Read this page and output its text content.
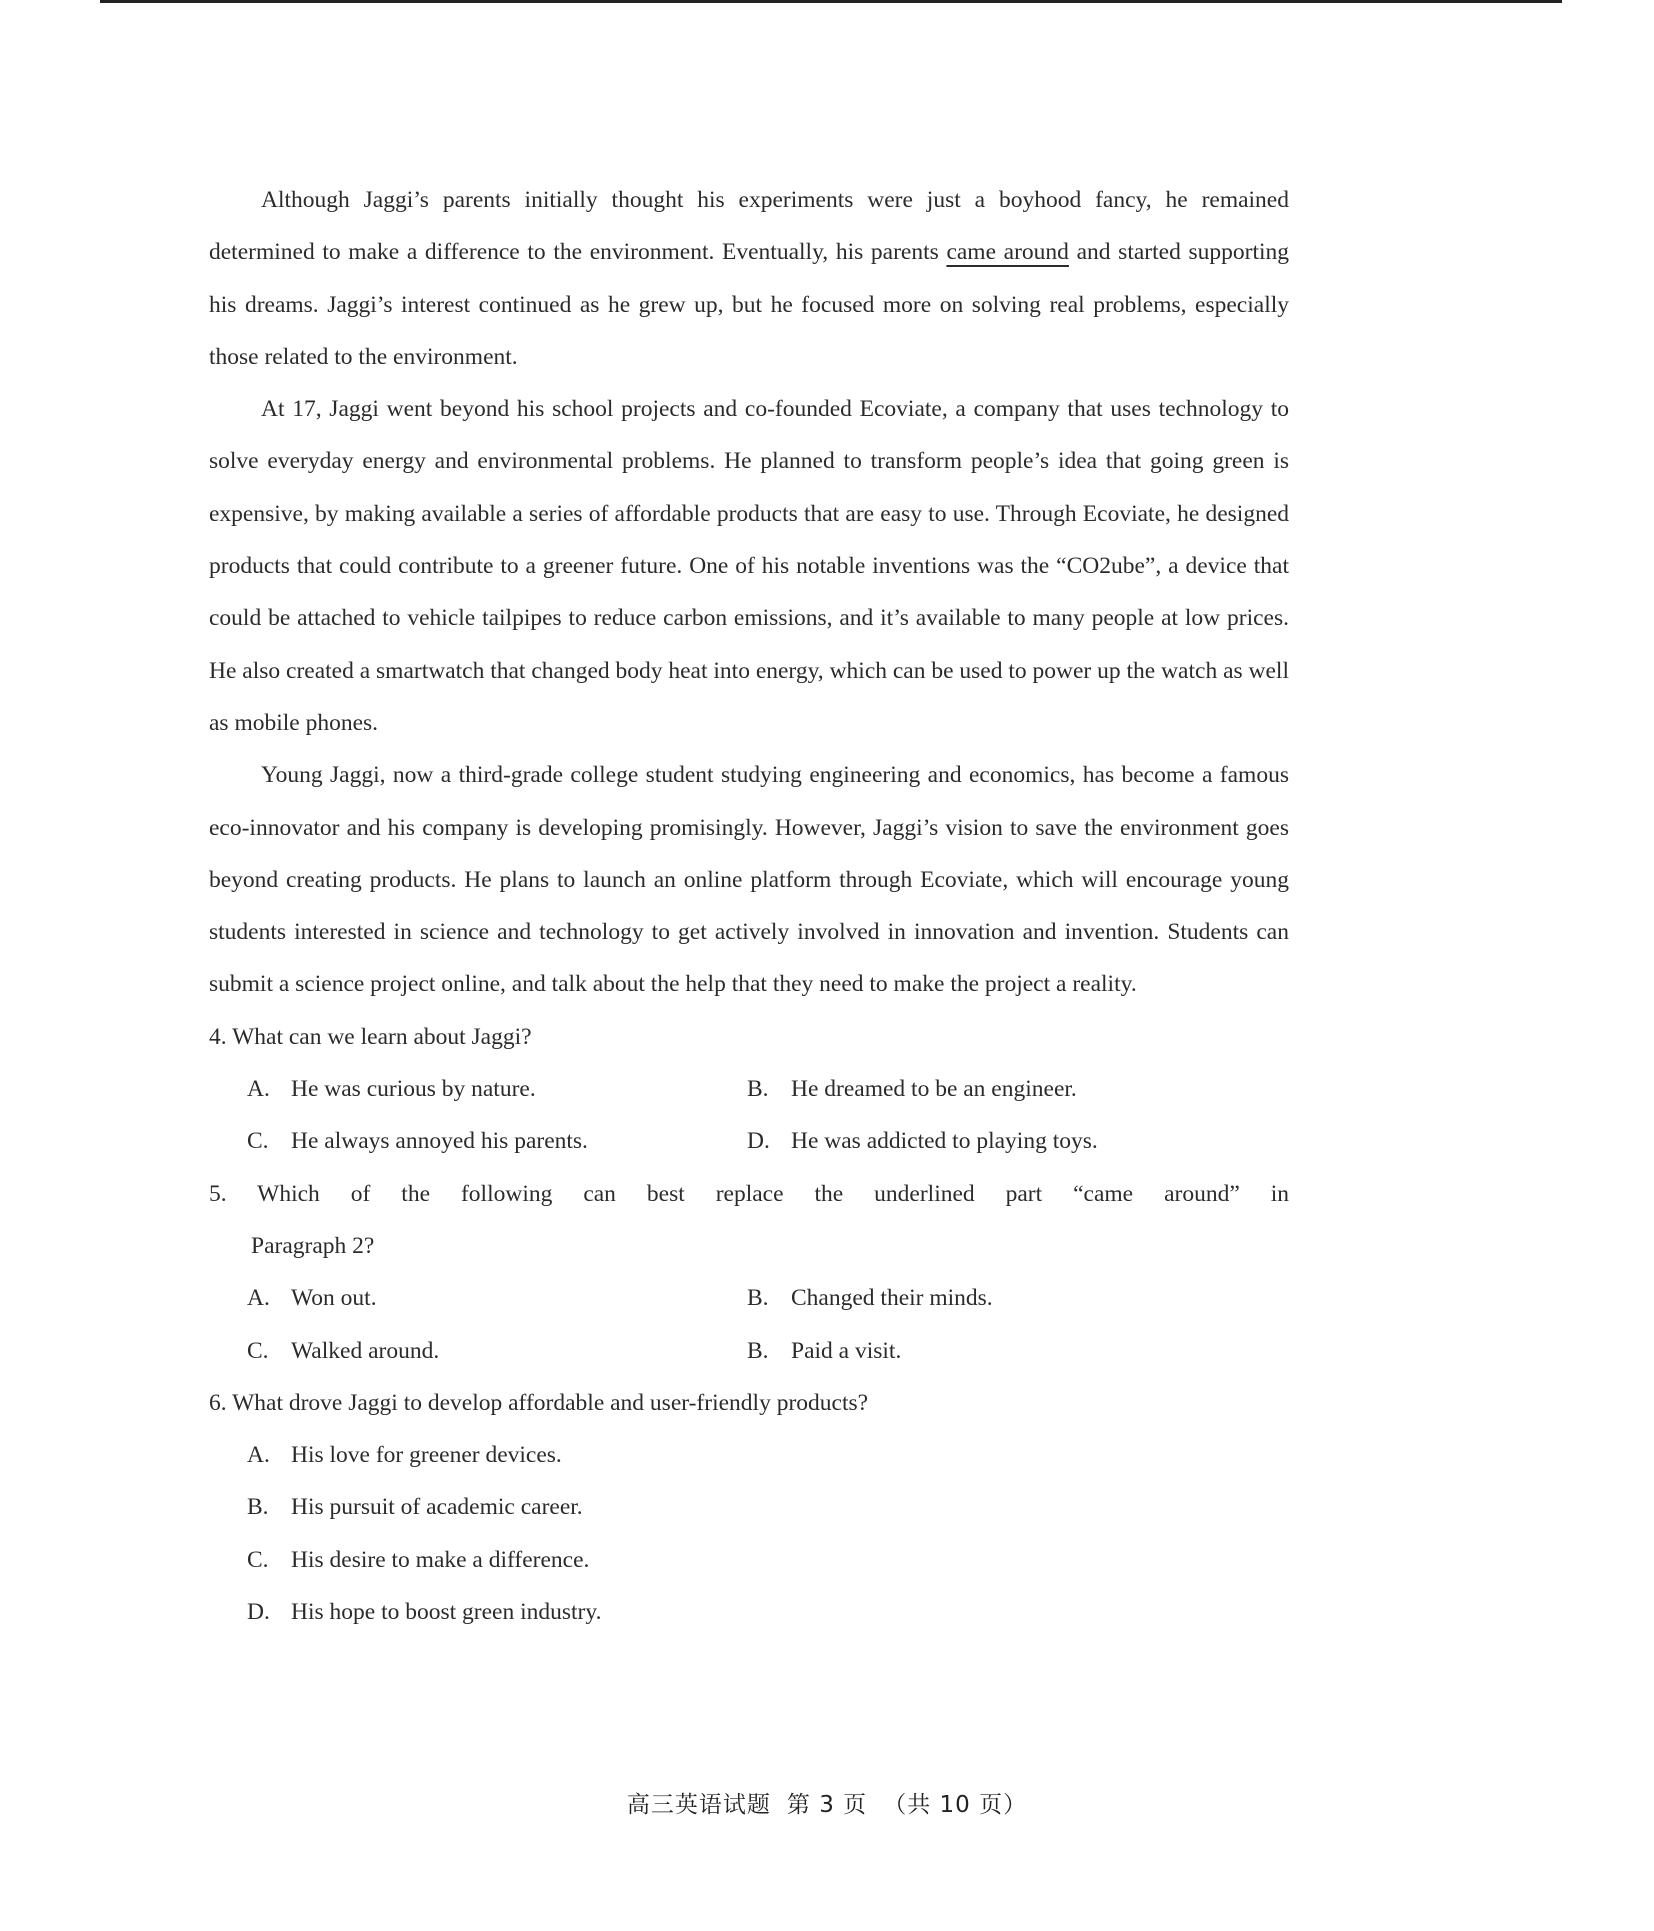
Although Jaggi’s parents initially thought his experiments were just a boyhood fancy, he remained determined to make a difference to the environment. Eventually, his parents came around and started supporting his dreams. Jaggi’s interest continued as he grew up, but he focused more on solving real problems, especially those related to the environment.

At 17, Jaggi went beyond his school projects and co-founded Ecoviate, a company that uses technology to solve everyday energy and environmental problems. He planned to transform people’s idea that going green is expensive, by making available a series of affordable products that are easy to use. Through Ecoviate, he designed products that could contribute to a greener future. One of his notable inventions was the “CO2ube”, a device that could be attached to vehicle tailpipes to reduce carbon emissions, and it’s available to many people at low prices. He also created a smartwatch that changed body heat into energy, which can be used to power up the watch as well as mobile phones.

Young Jaggi, now a third-grade college student studying engineering and economics, has become a famous eco-innovator and his company is developing promisingly. However, Jaggi’s vision to save the environment goes beyond creating products. He plans to launch an online platform through Ecoviate, which will encourage young students interested in science and technology to get actively involved in innovation and invention. Students can submit a science project online, and talk about the help that they need to make the project a reality.

4. What can we learn about Jaggi?

A. He was curious by nature.	B. He dreamed to be an engineer.
C. He always annoyed his parents.	D. He was addicted to playing toys.

5. Which of the following can best replace the underlined part “came around” in

Paragraph 2?

A. Won out.	B. Changed their minds.
C. Walked around.	B. Paid a visit.

6. What drove Jaggi to develop affordable and user-friendly products?

A. His love for greener devices.

B. His pursuit of academic career.

C. His desire to make a difference.

D. His hope to boost green industry.

高三英语试题 第 3 页 （共 10 页）
